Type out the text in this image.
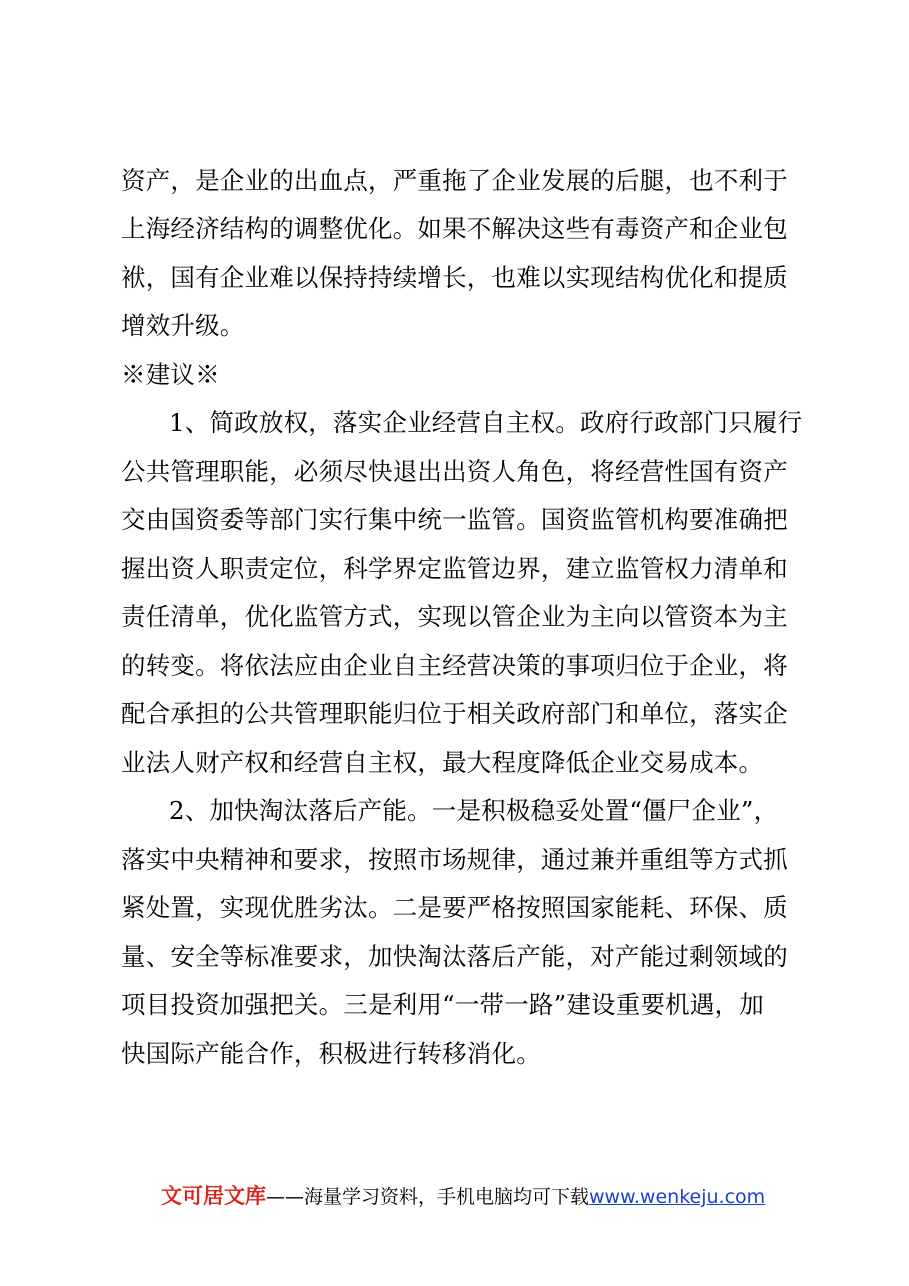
资产，是企业的出血点，严重拖了企业发展的后腿，也不利于
上海经济结构的调整优化。如果不解决这些有毒资产和企业包
袱，国有企业难以保持持续增长，也难以实现结构优化和提质
增效升级。
※建议※
1、简政放权，落实企业经营自主权。政府行政部门只履行
公共管理职能，必须尽快退出出资人角色，将经营性国有资产
交由国资委等部门实行集中统一监管。国资监管机构要准确把
握出资人职责定位，科学界定监管边界，建立监管权力清单和
责任清单，优化监管方式，实现以管企业为主向以管资本为主
的转变。将依法应由企业自主经营决策的事项归位于企业，将
配合承担的公共管理职能归位于相关政府部门和单位，落实企
业法人财产权和经营自主权，最大程度降低企业交易成本。
2、加快淘汰落后产能。一是积极稳妥处置“僵尸企业”，
落实中央精神和要求，按照市场规律，通过兼并重组等方式抓
紧处置，实现优胜劣汰。二是要严格按照国家能耗、环保、质
量、安全等标准要求，加快淘汰落后产能，对产能过剩领域的
项目投资加强把关。三是利用“一带一路”建设重要机遇，加
快国际产能合作，积极进行转移消化。
文可居文库——海量学习资料，手机电脑均可下载www.wenkeju.com
